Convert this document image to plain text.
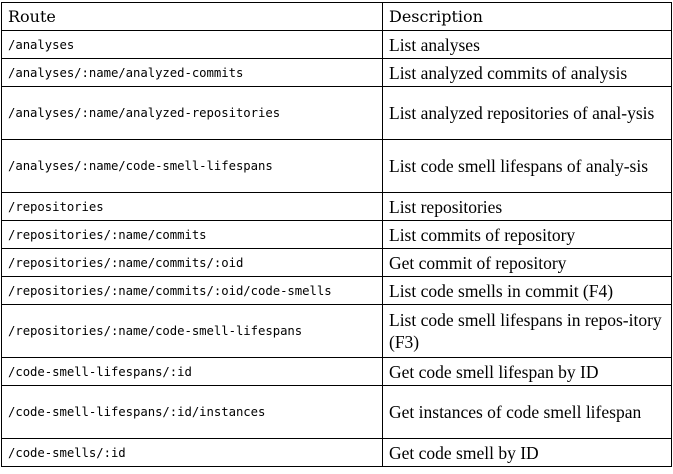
Route	Description
/analyses	List analyses
/analyses/:name/analyzed-commits	List analyzed commits of analysis
/analyses/:name/analyzed-repositories	List analyzed repositories of anal-ysis
/analyses/:name/code-smell-lifespans	List code smell lifespans of analy-sis
/repositories	List repositories
/repositories/:name/commits	List commits of repository
/repositories/:name/commits/:oid	Get commit of repository
/repositories/:name/commits/:oid/code-smells	List code smells in commit (F4)
/repositories/:name/code-smell-lifespans	List code smell lifespans in repos-itory (F3)
/code-smell-lifespans/:id	Get code smell lifespan by ID
/code-smell-lifespans/:id/instances	Get instances of code smell lifespan
/code-smells/:id	Get code smell by ID
